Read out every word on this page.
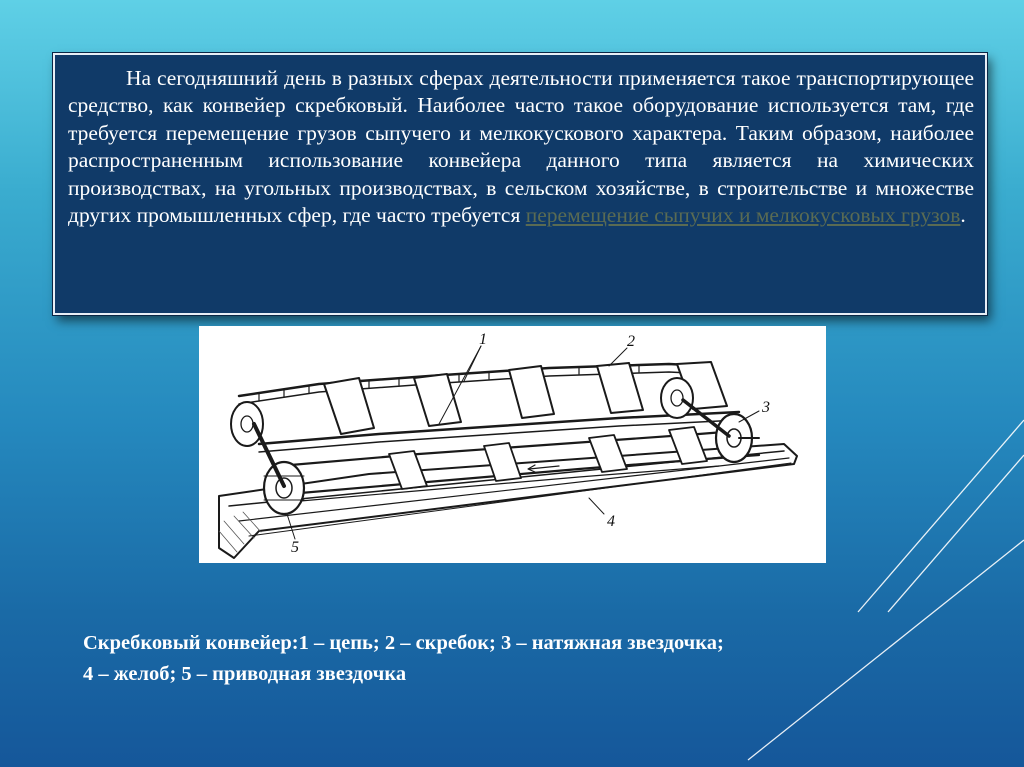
На сегодняшний день в разных сферах деятельности применяется такое транспортирующее средство, как конвейер скребковый. Наиболее часто такое оборудование используется там, где требуется перемещение грузов сыпучего и мелкокускового характера. Таким образом, наиболее распространенным использование конвейера данного типа является на химических производствах, на угольных производствах, в сельском хозяйстве, в строительстве и множестве других промышленных сфер, где часто требуется перемещение сыпучих и мелкокусковых грузов.

1	2
3
4
5
Скребковый конвейер:1 – цепь; 2 – скребок; 3 – натяжная звездочка;
4 – желоб; 5 – приводная звездочка
